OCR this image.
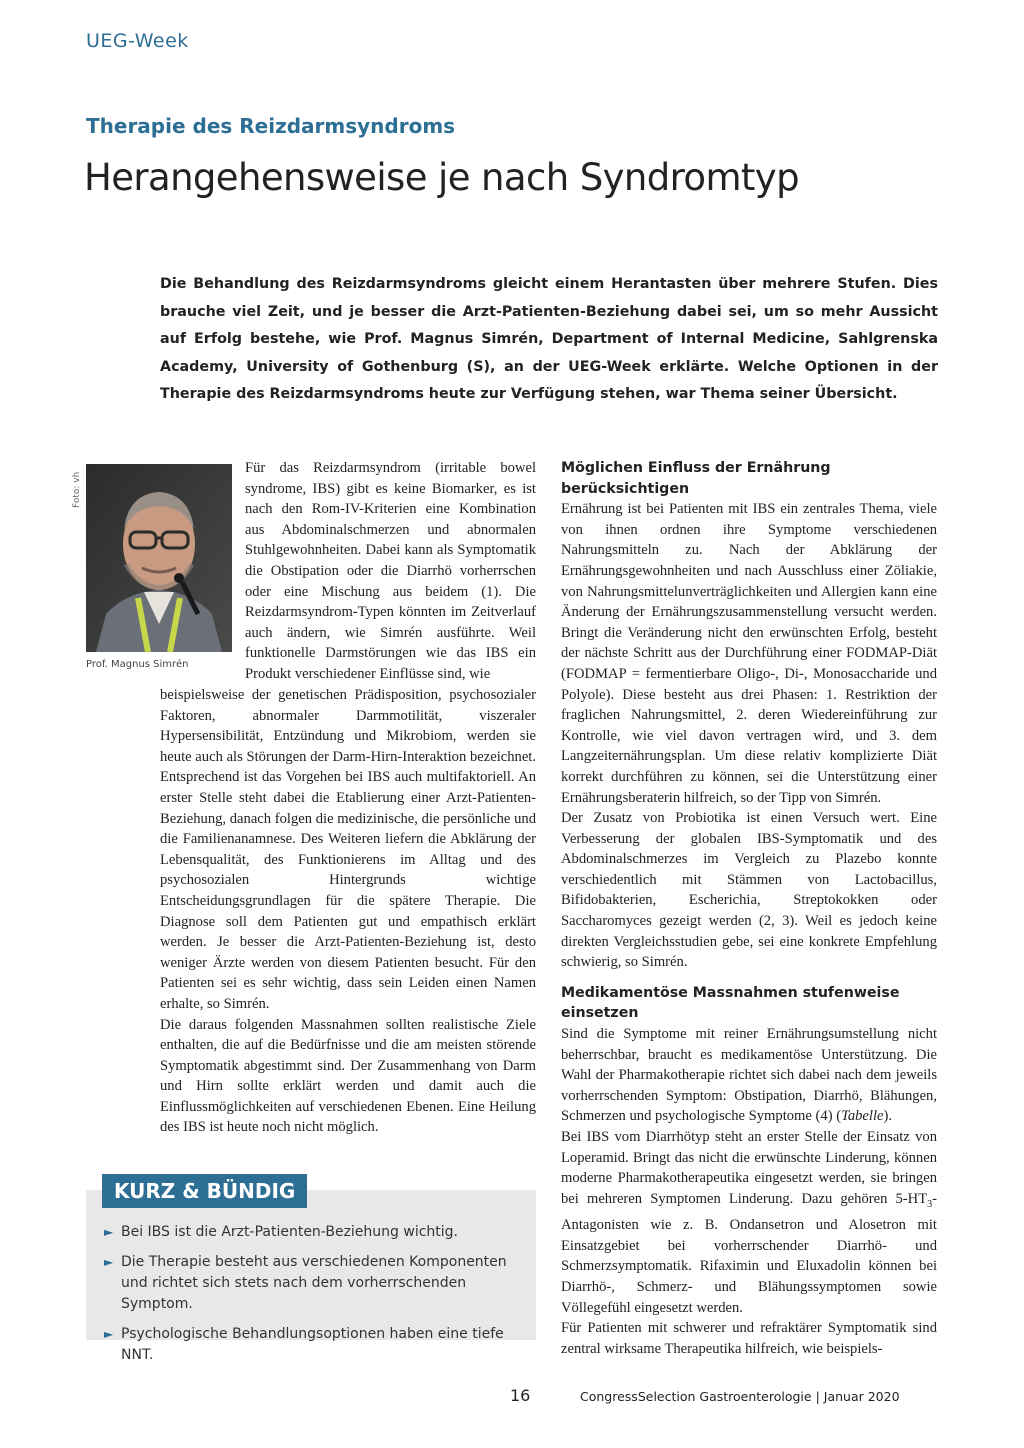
UEG-Week
Therapie des Reizdarmsyndroms
Herangehensweise je nach Syndromtyp

Die Behandlung des Reizdarmsyndroms gleicht einem Herantasten über mehrere Stufen. Dies brauche viel Zeit, und je besser die Arzt-Patienten-Beziehung dabei sei, um so mehr Aussicht auf Erfolg bestehe, wie Prof. Magnus Simrén, Department of Internal Medicine, Sahlgrenska Academy, University of Gothenburg (S), an der UEG-Week erklärte. Welche Optionen in der Therapie des Reizdarmsyndroms heute zur Verfügung stehen, war Thema seiner Übersicht.

Foto: vh
Prof. Magnus Simrén

Für das Reizdarmsyndrom (irritable bowel syndrome, IBS) gibt es keine Biomarker, es ist nach den Rom-IV-Kriterien eine Kombination aus Abdominalschmerzen und abnormalen Stuhlgewohnheiten. Dabei kann als Symptomatik die Obstipation oder die Diarrhö vorherrschen oder eine Mischung aus beidem (1). Die Reizdarmsyndrom-Typen könnten im Zeitverlauf auch ändern, wie Simrén ausführte. Weil funktionelle Darmstörungen wie das IBS ein Produkt verschiedener Einflüsse sind, wie

beispielsweise der genetischen Prädisposition, psychosozialer Faktoren, abnormaler Darmmotilität, viszeraler Hypersensibilität, Entzündung und Mikrobiom, werden sie heute auch als Störungen der Darm-Hirn-Interaktion bezeichnet. Entsprechend ist das Vorgehen bei IBS auch multifaktoriell. An erster Stelle steht dabei die Etablierung einer Arzt-Patienten-Beziehung, danach folgen die medizinische, die persönliche und die Familienanamnese. Des Weiteren liefern die Abklärung der Lebensqualität, des Funktionierens im Alltag und des psychosozialen Hintergrunds wichtige Entscheidungsgrundlagen für die spätere Therapie. Die Diagnose soll dem Patienten gut und empathisch erklärt werden. Je besser die Arzt-Patienten-Beziehung ist, desto weniger Ärzte werden von diesem Patienten besucht. Für den Patienten sei es sehr wichtig, dass sein Leiden einen Namen erhalte, so Simrén.

Die daraus folgenden Massnahmen sollten realistische Ziele enthalten, die auf die Bedürfnisse und die am meisten störende Symptomatik abgestimmt sind. Der Zusammenhang von Darm und Hirn sollte erklärt werden und damit auch die Einflussmöglichkeiten auf verschiedenen Ebenen. Eine Heilung des IBS ist heute noch nicht möglich.

Möglichen Einfluss der Ernährung berücksichtigen

Ernährung ist bei Patienten mit IBS ein zentrales Thema, viele von ihnen ordnen ihre Symptome verschiedenen Nahrungsmitteln zu. Nach der Abklärung der Ernährungsgewohnheiten und nach Ausschluss einer Zöliakie, von Nahrungsmittelunverträglichkeiten und Allergien kann eine Änderung der Ernährungszusammenstellung versucht werden. Bringt die Veränderung nicht den erwünschten Erfolg, besteht der nächste Schritt aus der Durchführung einer FODMAP-Diät (FODMAP = fermentierbare Oligo-, Di-, Monosaccharide und Polyole). Diese besteht aus drei Phasen: 1. Restriktion der fraglichen Nahrungsmittel, 2. deren Wiedereinführung zur Kontrolle, wie viel davon vertragen wird, und 3. dem Langzeiternährungsplan. Um diese relativ komplizierte Diät korrekt durchführen zu können, sei die Unterstützung einer Ernährungsberaterin hilfreich, so der Tipp von Simrén.

Der Zusatz von Probiotika ist einen Versuch wert. Eine Verbesserung der globalen IBS-Symptomatik und des Abdominalschmerzes im Vergleich zu Plazebo konnte verschiedentlich mit Stämmen von Lactobacillus, Bifidobakterien, Escherichia, Streptokokken oder Saccharomyces gezeigt werden (2, 3). Weil es jedoch keine direkten Vergleichsstudien gebe, sei eine konkrete Empfehlung schwierig, so Simrén.

Medikamentöse Massnahmen stufenweise einsetzen

Sind die Symptome mit reiner Ernährungsumstellung nicht beherrschbar, braucht es medikamentöse Unterstützung. Die Wahl der Pharmakotherapie richtet sich dabei nach dem jeweils vorherrschenden Symptom: Obstipation, Diarrhö, Blähungen, Schmerzen und psychologische Symptome (4) (Tabelle).

Bei IBS vom Diarrhötyp steht an erster Stelle der Einsatz von Loperamid. Bringt das nicht die erwünschte Linderung, können moderne Pharmakotherapeutika eingesetzt werden, sie bringen bei mehreren Symptomen Linderung. Dazu gehören $5-HT_3$-Antagonisten wie z. B. Ondansetron und Alosetron mit Einsatzgebiet bei vorherrschender Diarrhö- und Schmerzsymptomatik. Rifaximin und Eluxadolin können bei Diarrhö-, Schmerz- und Blähungssymptomen sowie Völlegefühl eingesetzt werden.

Für Patienten mit schwerer und refraktärer Symptomatik sind zentral wirksame Therapeutika hilfreich, wie beispiels-

KURZ & BÜNDIG
► Bei IBS ist die Arzt-Patienten-Beziehung wichtig.
► Die Therapie besteht aus verschiedenen Komponenten und richtet sich stets nach dem vorherrschenden Symptom.
► Psychologische Behandlungsoptionen haben eine tiefe NNT.
16	CongressSelection Gastroenterologie | Januar 2020
